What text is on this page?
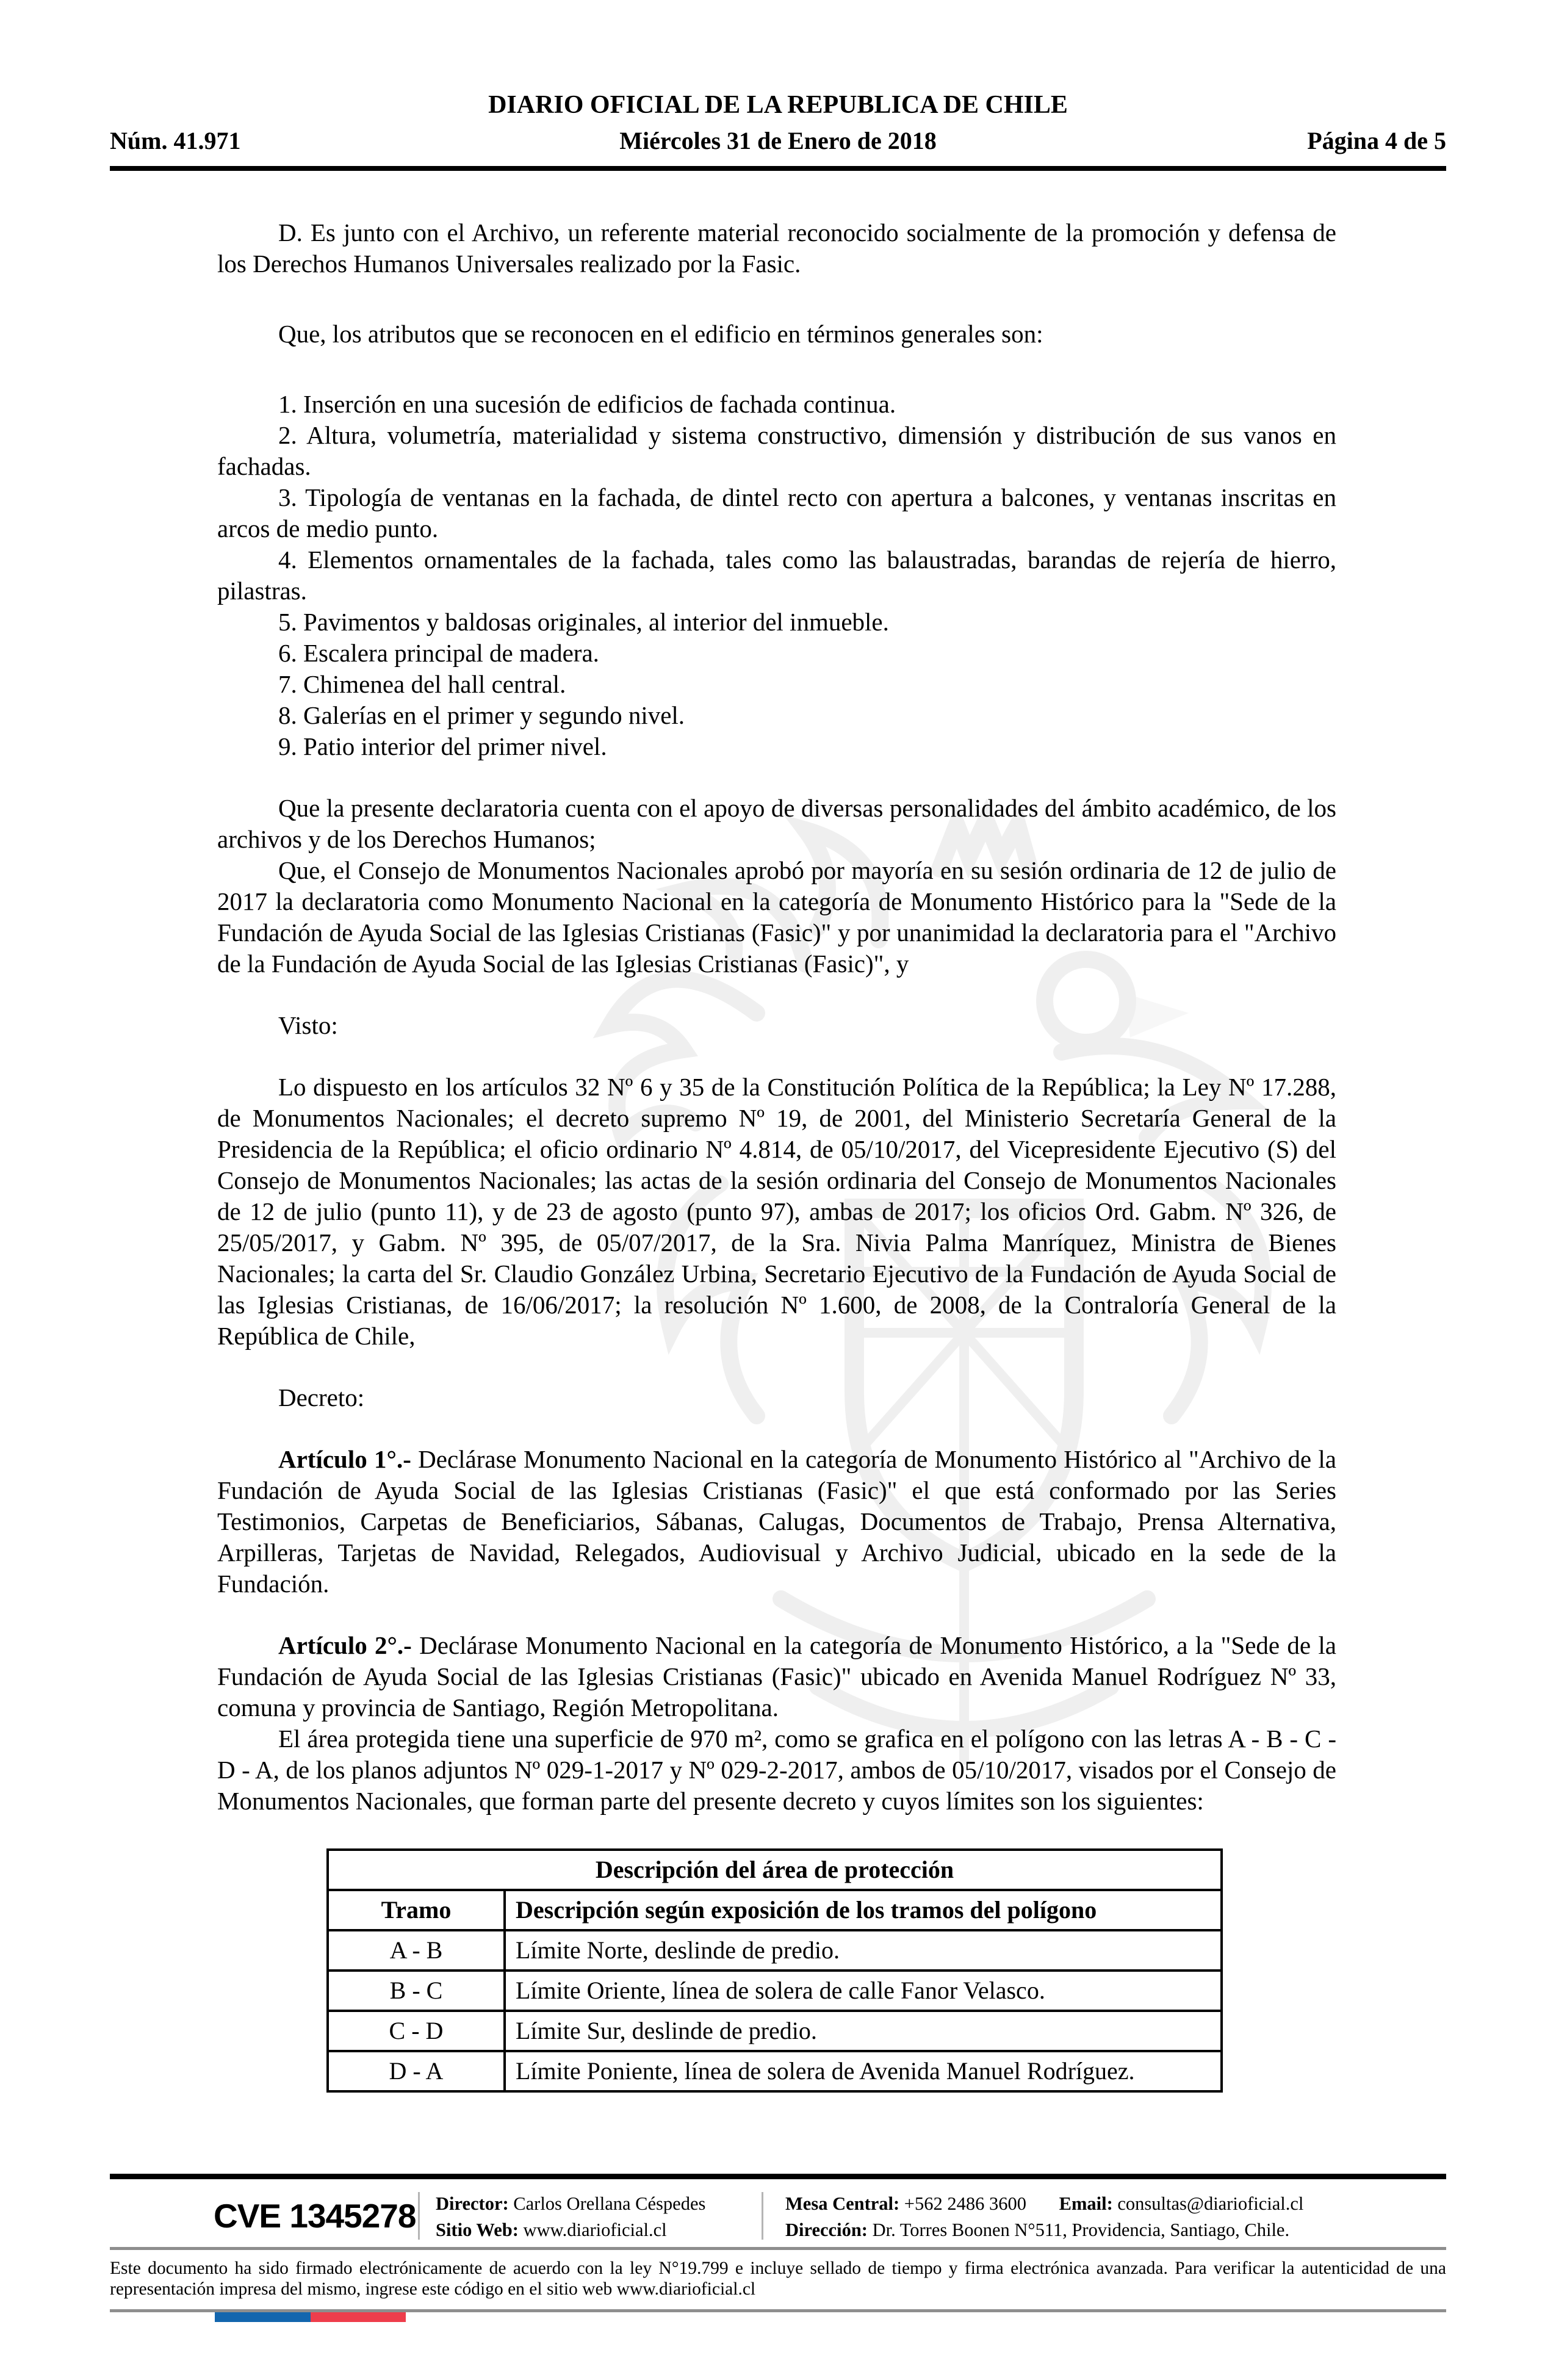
DIARIO OFICIAL DE LA REPUBLICA DE CHILE
Núm. 41.971	Miércoles 31 de Enero de 2018	Página 4 de 5

D. Es junto con el Archivo, un referente material reconocido socialmente de la promoción y defensa de los Derechos Humanos Universales realizado por la Fasic.

Que, los atributos que se reconocen en el edificio en términos generales son:

1. Inserción en una sucesión de edificios de fachada continua.

2. Altura, volumetría, materialidad y sistema constructivo, dimensión y distribución de sus vanos en fachadas.

3. Tipología de ventanas en la fachada, de dintel recto con apertura a balcones, y ventanas inscritas en arcos de medio punto.

4. Elementos ornamentales de la fachada, tales como las balaustradas, barandas de rejería de hierro, pilastras.

5. Pavimentos y baldosas originales, al interior del inmueble.

6. Escalera principal de madera.

7. Chimenea del hall central.

8. Galerías en el primer y segundo nivel.

9. Patio interior del primer nivel.

Que la presente declaratoria cuenta con el apoyo de diversas personalidades del ámbito académico, de los archivos y de los Derechos Humanos;

Que, el Consejo de Monumentos Nacionales aprobó por mayoría en su sesión ordinaria de 12 de julio de 2017 la declaratoria como Monumento Nacional en la categoría de Monumento Histórico para la "Sede de la Fundación de Ayuda Social de las Iglesias Cristianas (Fasic)" y por unanimidad la declaratoria para el "Archivo de la Fundación de Ayuda Social de las Iglesias Cristianas (Fasic)", y

Visto:

Lo dispuesto en los artículos 32 Nº 6 y 35 de la Constitución Política de la República; la Ley Nº 17.288, de Monumentos Nacionales; el decreto supremo Nº 19, de 2001, del Ministerio Secretaría General de la Presidencia de la República; el oficio ordinario Nº 4.814, de 05/10/2017, del Vicepresidente Ejecutivo (S) del Consejo de Monumentos Nacionales; las actas de la sesión ordinaria del Consejo de Monumentos Nacionales de 12 de julio (punto 11), y de 23 de agosto (punto 97), ambas de 2017; los oficios Ord. Gabm. Nº 326, de 25/05/2017, y Gabm. Nº 395, de 05/07/2017, de la Sra. Nivia Palma Manríquez, Ministra de Bienes Nacionales; la carta del Sr. Claudio González Urbina, Secretario Ejecutivo de la Fundación de Ayuda Social de las Iglesias Cristianas, de 16/06/2017; la resolución Nº 1.600, de 2008, de la Contraloría General de la República de Chile,

Decreto:

Artículo 1°.- Declárase Monumento Nacional en la categoría de Monumento Histórico al "Archivo de la Fundación de Ayuda Social de las Iglesias Cristianas (Fasic)" el que está conformado por las Series Testimonios, Carpetas de Beneficiarios, Sábanas, Calugas, Documentos de Trabajo, Prensa Alternativa, Arpilleras, Tarjetas de Navidad, Relegados, Audiovisual y Archivo Judicial, ubicado en la sede de la Fundación.

Artículo 2°.- Declárase Monumento Nacional en la categoría de Monumento Histórico, a la "Sede de la Fundación de Ayuda Social de las Iglesias Cristianas (Fasic)" ubicado en Avenida Manuel Rodríguez Nº 33, comuna y provincia de Santiago, Región Metropolitana.

El área protegida tiene una superficie de 970 m², como se grafica en el polígono con las letras A - B - C - D - A, de los planos adjuntos Nº 029-1-2017 y Nº 029-2-2017, ambos de 05/10/2017, visados por el Consejo de Monumentos Nacionales, que forman parte del presente decreto y cuyos límites son los siguientes:

Descripción del área de protección	
Tramo	Descripción según exposición de los tramos del polígono
A - B	Límite Norte, deslinde de predio.
B - C	Límite Oriente, línea de solera de calle Fanor Velasco.
C - D	Límite Sur, deslinde de predio.
D - A	Límite Poniente, línea de solera de Avenida Manuel Rodríguez.
CVE 1345278 Director: Carlos Orellana Céspedes
Sitio Web: www.diarioficial.cl
Mesa Central: +562 2486 3600 Email: consultas@diarioficial.cl
Dirección: Dr. Torres Boonen N°511, Providencia, Santiago, Chile.
Este documento ha sido firmado electrónicamente de acuerdo con la ley N°19.799 e incluye sellado de tiempo y firma electrónica avanzada. Para verificar la autenticidad de una representación impresa del mismo, ingrese este código en el sitio web www.diarioficial.cl
